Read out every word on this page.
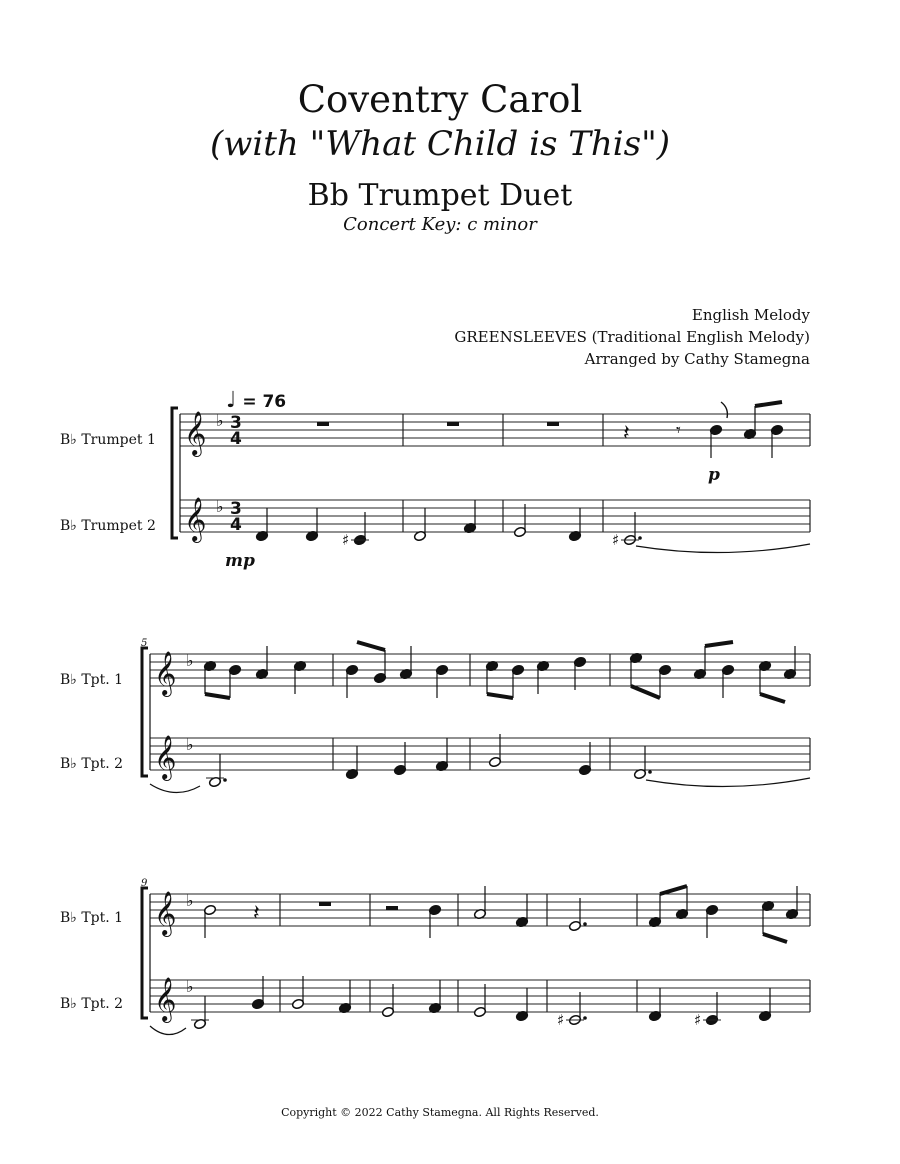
Coventry Carol
(with "What Child is This")
Bb Trumpet Duet
Concert Key: c minor
English Melody
GREENSLEEVES (Traditional English Melody)
Arranged by Cathy Stamegna
♩ = 76
𝄞 ♭ 3
4
𝄞 ♭ 3
4
𝄽	𝄾
♯	♯
𝄞 ♭
𝄞 ♭
𝄞 ♭
𝄞 ♭
𝄽
♯	♯
B♭ Trumpet 1
B♭ Trumpet 2
B♭ Tpt. 1
B♭ Tpt. 2
B♭ Tpt. 1
B♭ Tpt. 2
5
9
p
mp
Copyright © 2022 Cathy Stamegna. All Rights Reserved.
